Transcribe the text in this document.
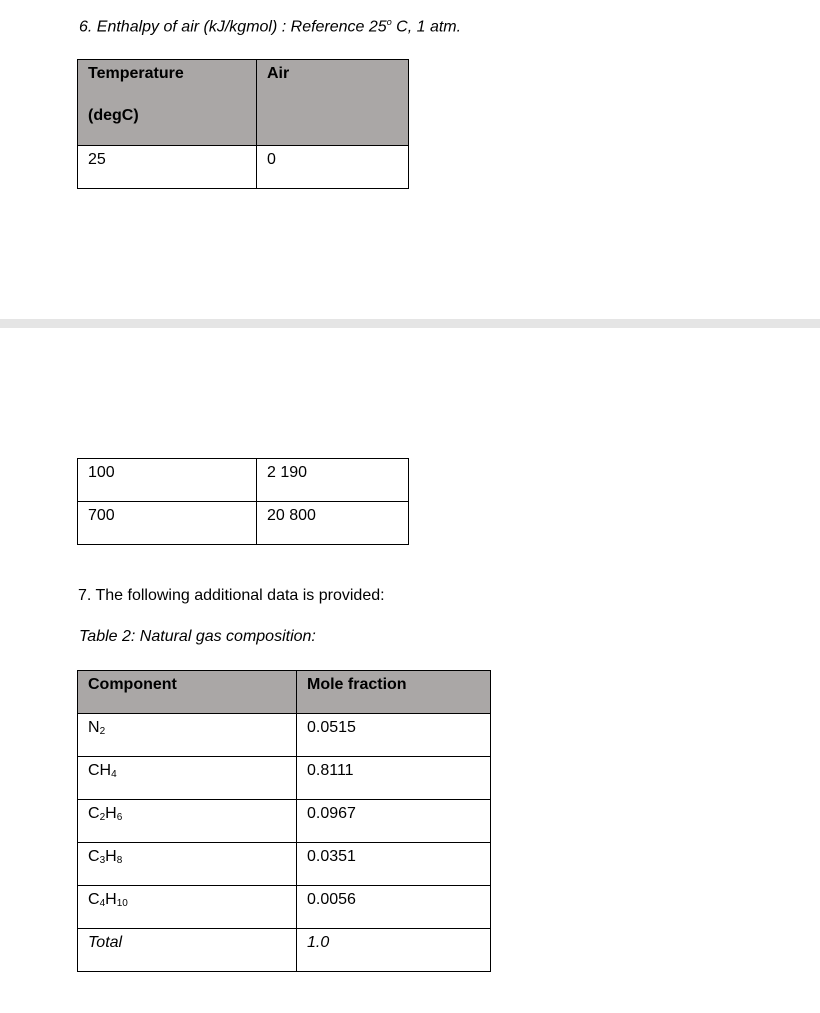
6. Enthalpy of air (kJ/kgmol) : Reference 25$^o$ C, 1 atm.
Temperature
(degC)	Air
25	0
100	2 190
700	20 800
7. The following additional data is provided:
Table 2: Natural gas composition:
Component	Mole fraction
$N_2$	0.0515
$CH_4$	0.8111
$C_2H_6$	0.0967
$C_3H_8$	0.0351
$C_4H_{10}$	0.0056
Total	1.0
